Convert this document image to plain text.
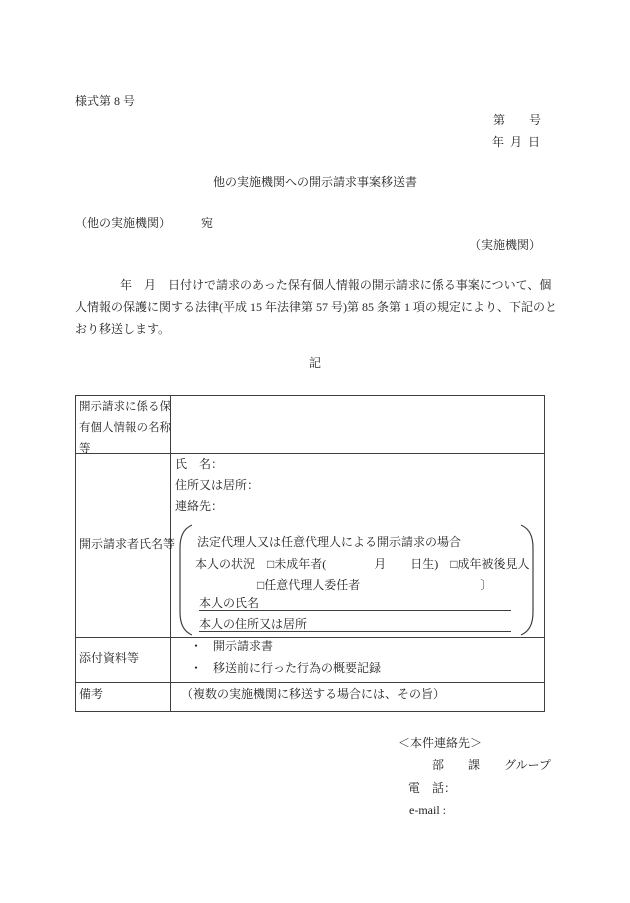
様式第 8 号
第　　号
年  月  日
他の実施機関への開示請求事案移送書
（他の実施機関）　　　宛
（実施機関）
年　月　日付けで請求のあった保有個人情報の開示請求に係る事案について、個
人情報の保護に関する法律(平成 15 年法律第 57 号)第 85 条第 1 項の規定により、下記のと
おり移送します。
記
開示請求に係る保有個人情報の名称等
開示請求者氏名等
氏　名：
住所又は居所：
連絡先：
法定代理人又は任意代理人による開示請求の場合
本人の状況　□未成年者(　　　　月　　日生)　□成年被後見人
□任意代理人委任者　　　　　　　　　　〕
本人の氏名
本人の住所又は居所
添付資料等
・ 開示請求書
・ 移送前に行った行為の概要記録
備考	（複数の実施機関に移送する場合には、その旨）
＜本件連絡先＞
部　　課　　グループ
電　話：
e-mail :
